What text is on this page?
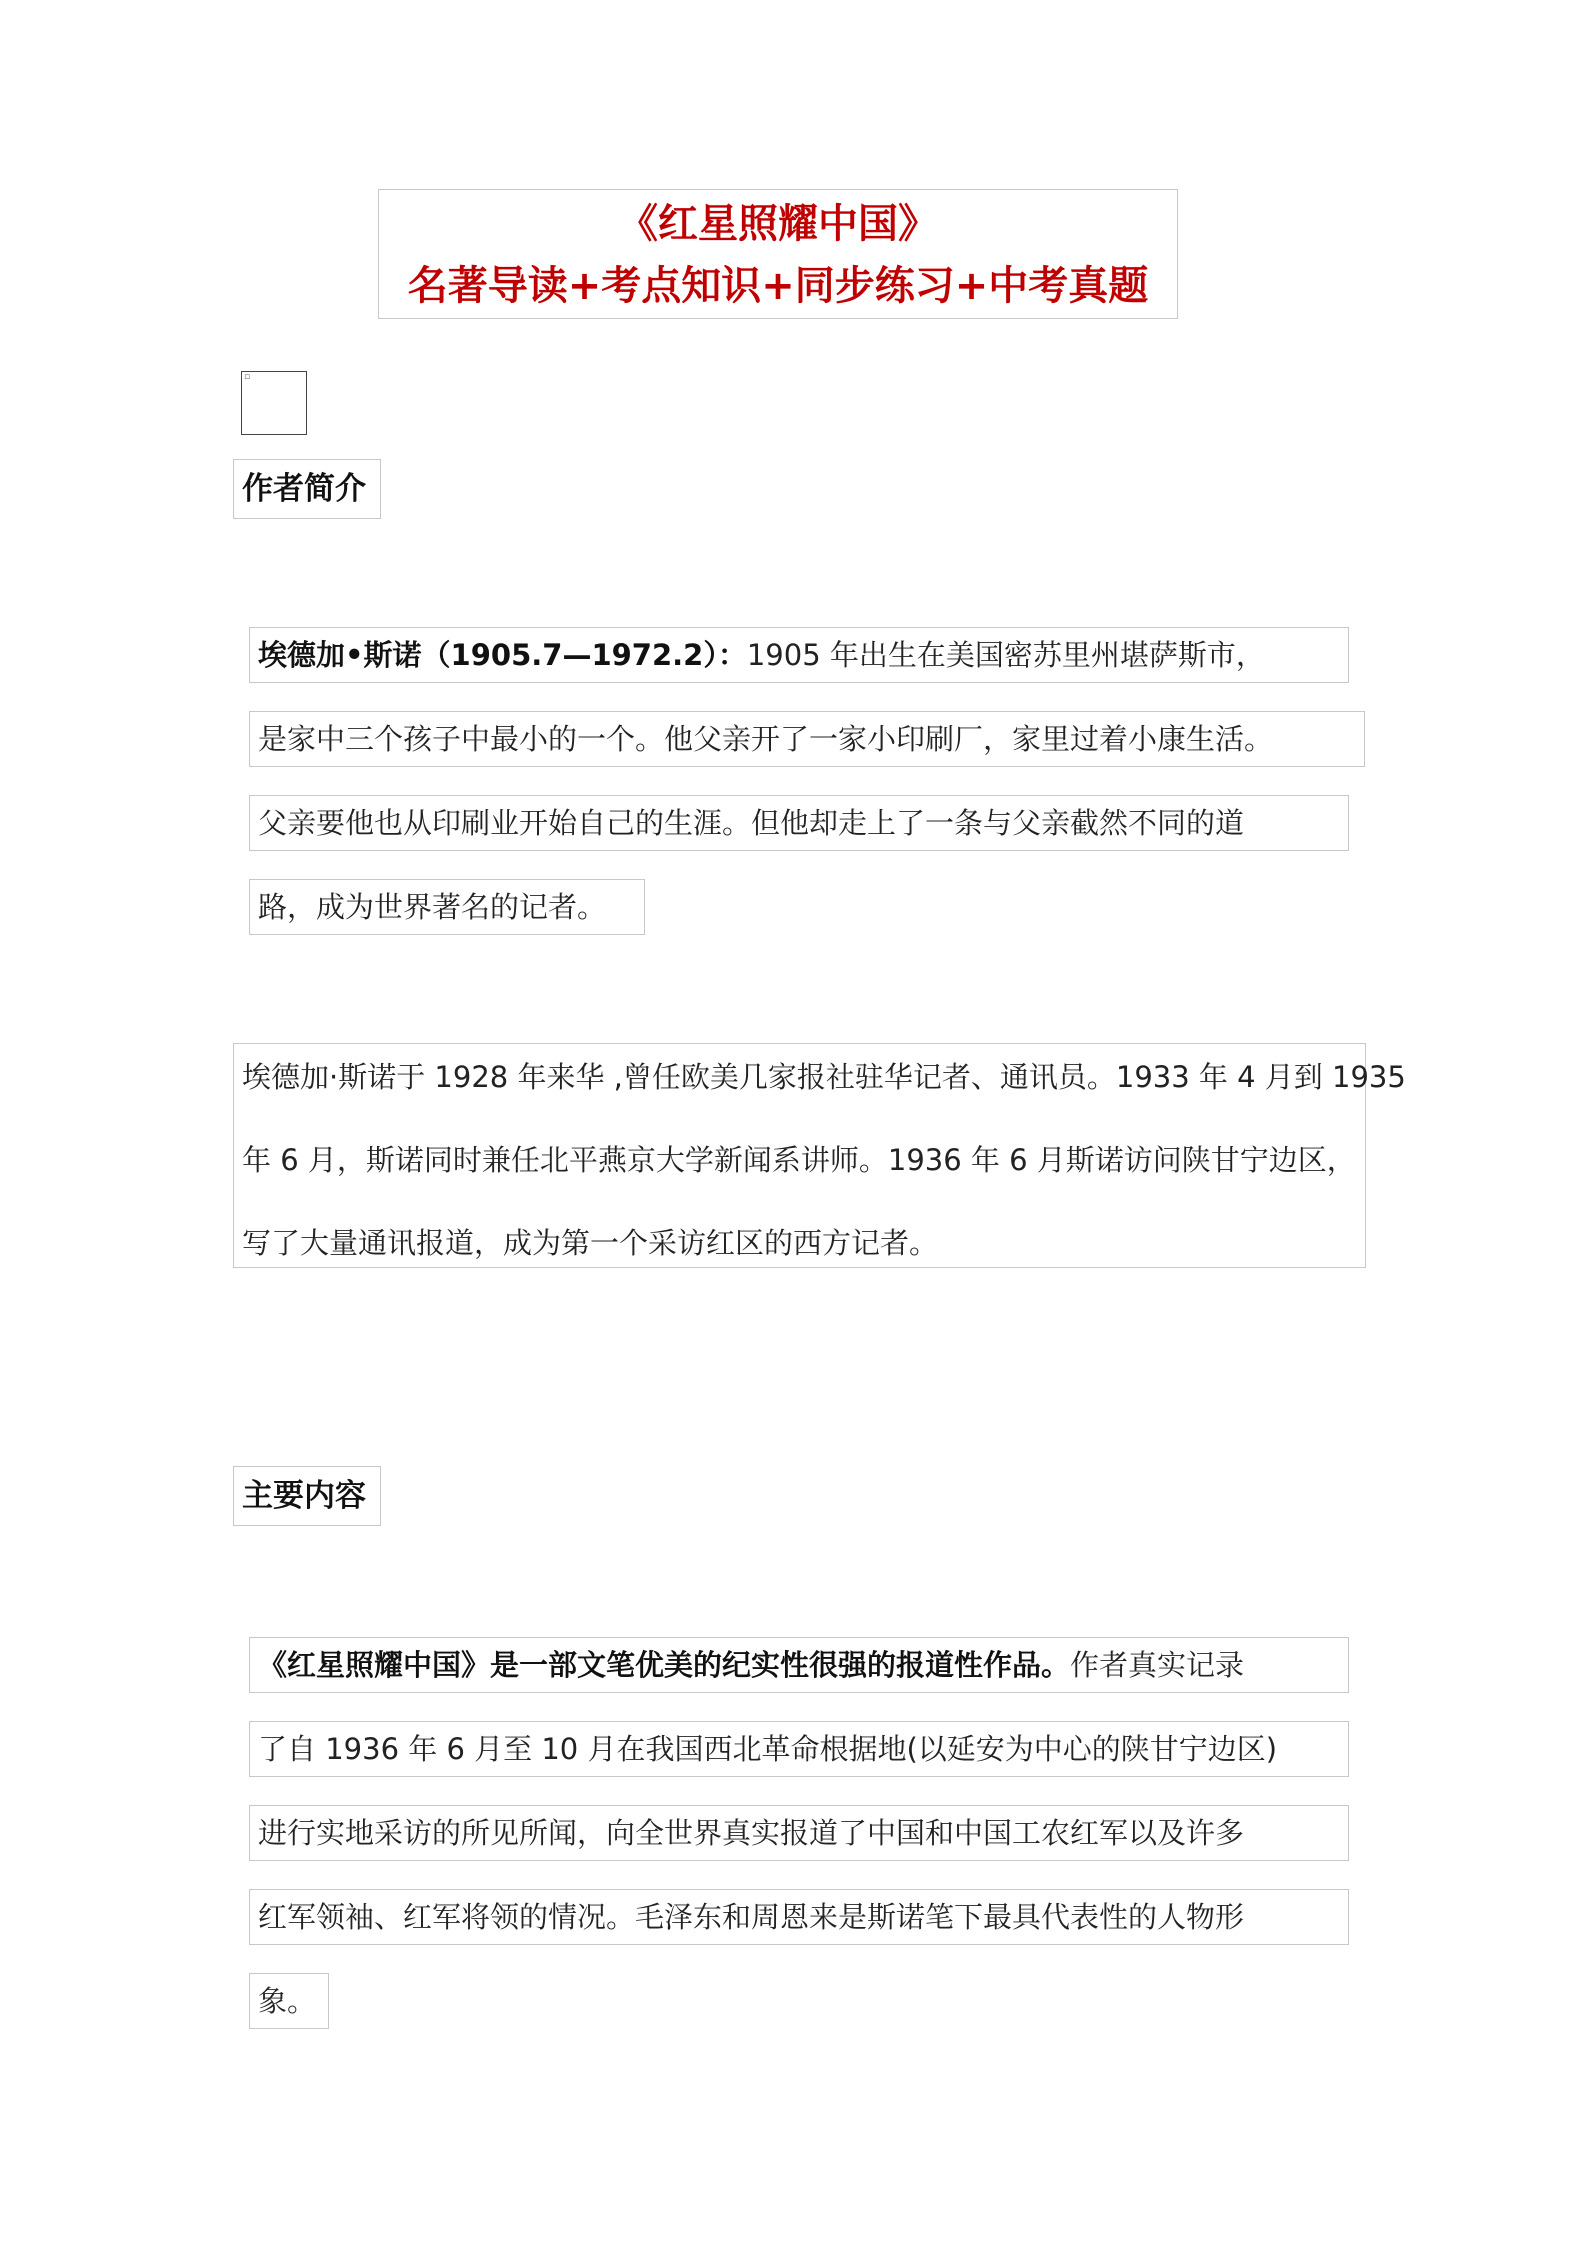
《红星照耀中国》
名著导读+考点知识+同步练习+中考真题
▫
作者简介
埃德加•斯诺（1905.7—1972.2）：1905 年出生在美国密苏里州堪萨斯市，
是家中三个孩子中最小的一个。他父亲开了一家小印刷厂，家里过着小康生活。
父亲要他也从印刷业开始自己的生涯。但他却走上了一条与父亲截然不同的道
路，成为世界著名的记者。
埃德加·斯诺于 1928 年来华 ,曾任欧美几家报社驻华记者、通讯员。1933 年 4 月到 1935
年 6 月，斯诺同时兼任北平燕京大学新闻系讲师。1936 年 6 月斯诺访问陕甘宁边区，
写了大量通讯报道，成为第一个采访红区的西方记者。
主要内容
《红星照耀中国》是一部文笔优美的纪实性很强的报道性作品。作者真实记录
了自 1936 年 6 月至 10 月在我国西北革命根据地(以延安为中心的陕甘宁边区)
进行实地采访的所见所闻，向全世界真实报道了中国和中国工农红军以及许多
红军领袖、红军将领的情况。毛泽东和周恩来是斯诺笔下最具代表性的人物形
象。
